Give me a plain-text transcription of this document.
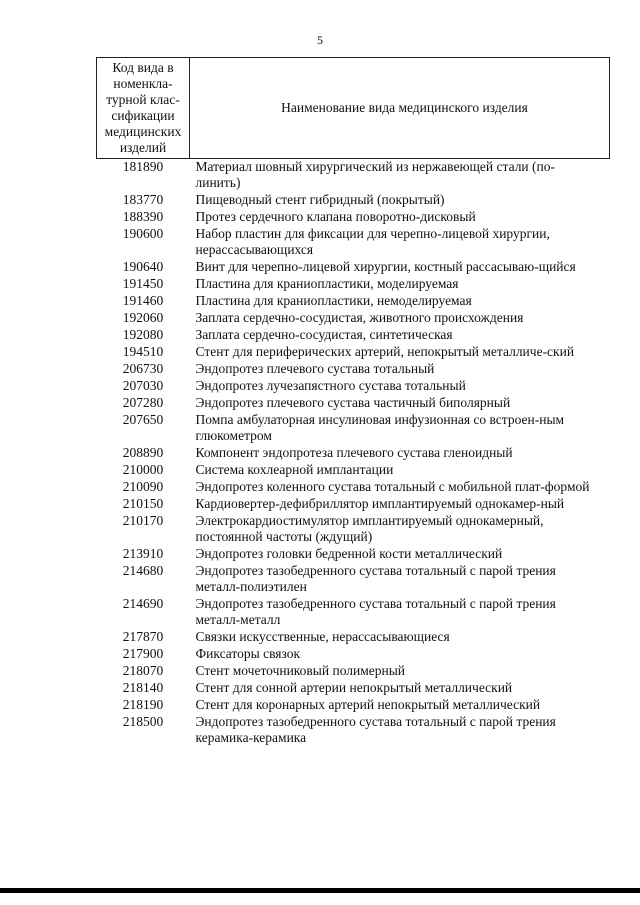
5
Код вида в номенкла-турной клас-сификации медицинских изделий	Наименование вида медицинского изделия
181890	Материал шовный хирургический из нержавеющей стали (по-линить)
183770	Пищеводный стент гибридный (покрытый)
188390	Протез сердечного клапана поворотно-дисковый
190600	Набор пластин для фиксации для черепно-лицевой хирургии, нерассасывающихся
190640	Винт для черепно-лицевой хирургии, костный рассасываю-щийся
191450	Пластина для краниопластики, моделируемая
191460	Пластина для краниопластики, немоделируемая
192060	Заплата сердечно-сосудистая, животного происхождения
192080	Заплата сердечно-сосудистая, синтетическая
194510	Стент для периферических артерий, непокрытый металличе-ский
206730	Эндопротез плечевого сустава тотальный
207030	Эндопротез лучезапястного сустава тотальный
207280	Эндопротез плечевого сустава частичный биполярный
207650	Помпа амбулаторная инсулиновая инфузионная со встроен-ным глюкометром
208890	Компонент эндопротеза плечевого сустава гленоидный
210000	Система кохлеарной имплантации
210090	Эндопротез коленного сустава тотальный с мобильной плат-формой
210150	Кардиовертер-дефибриллятор имплантируемый однокамер-ный
210170	Электрокардиостимулятор имплантируемый однокамерный, постоянной частоты (ждущий)
213910	Эндопротез головки бедренной кости металлический
214680	Эндопротез тазобедренного сустава тотальный с парой трения металл-полиэтилен
214690	Эндопротез тазобедренного сустава тотальный с парой трения металл-металл
217870	Связки искусственные, нерассасывающиеся
217900	Фиксаторы связок
218070	Стент мочеточниковый полимерный
218140	Стент для сонной артерии непокрытый металлический
218190	Стент для коронарных артерий непокрытый металлический
218500	Эндопротез тазобедренного сустава тотальный с парой трения керамика-керамика
